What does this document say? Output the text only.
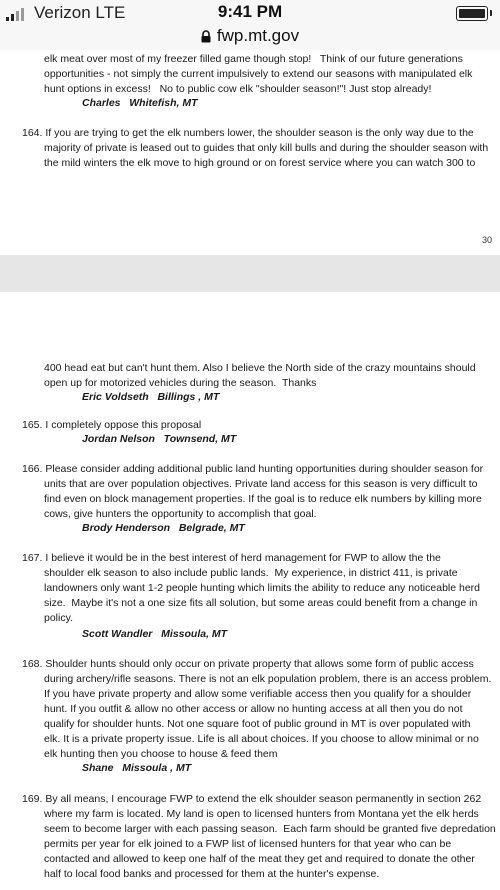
Verizon LTE	9:41 PM
fwp.mt.gov
elk meat over most of my freezer filled game though stop!   Think of our future generations
opportunities - not simply the current impulsively to extend our seasons with manipulated elk
hunt options in excess!   No to public cow elk "shoulder season!"! Just stop already!
Charles   Whitefish, MT
164. If you are trying to get the elk numbers lower, the shoulder season is the only way due to the
majority of private is leased out to guides that only kill bulls and during the shoulder season with
the mild winters the elk move to high ground or on forest service where you can watch 300 to
30
400 head eat but can't hunt them. Also I believe the North side of the crazy mountains should
open up for motorized vehicles during the season.  Thanks
Eric Voldseth   Billings , MT
165. I completely oppose this proposal
Jordan Nelson   Townsend, MT
166. Please consider adding additional public land hunting opportunities during shoulder season for
units that are over population objectives. Private land access for this season is very difficult to
find even on block management properties. If the goal is to reduce elk numbers by killing more
cows, give hunters the opportunity to accomplish that goal.
Brody Henderson   Belgrade, MT
167. I believe it would be in the best interest of herd management for FWP to allow the the
shoulder elk season to also include public lands.  My experience, in district 411, is private
landowners only want 1-2 people hunting which limits the ability to reduce any noticeable herd
size.  Maybe it's not a one size fits all solution, but some areas could benefit from a change in
policy.
Scott Wandler   Missoula, MT
168. Shoulder hunts should only occur on private property that allows some form of public access
during archery/rifle seasons. There is not an elk population problem, there is an access problem.
If you have private property and allow some verifiable access then you qualify for a shoulder
hunt. If you outfit & allow no other access or allow no hunting access at all then you do not
qualify for shoulder hunts. Not one square foot of public ground in MT is over populated with
elk. It is a private property issue. Life is all about choices. If you choose to allow minimal or no
elk hunting then you choose to house & feed them
Shane   Missoula , MT
169. By all means, I encourage FWP to extend the elk shoulder season permanently in section 262
where my farm is located. My land is open to licensed hunters from Montana yet the elk herds
seem to become larger with each passing season.  Each farm should be granted five depredation
permits per year for elk joined to a FWP list of licensed hunters for that year who can be
contacted and allowed to keep one half of the meat they get and required to donate the other
half to local food banks and processed for them at the hunter's expense.
